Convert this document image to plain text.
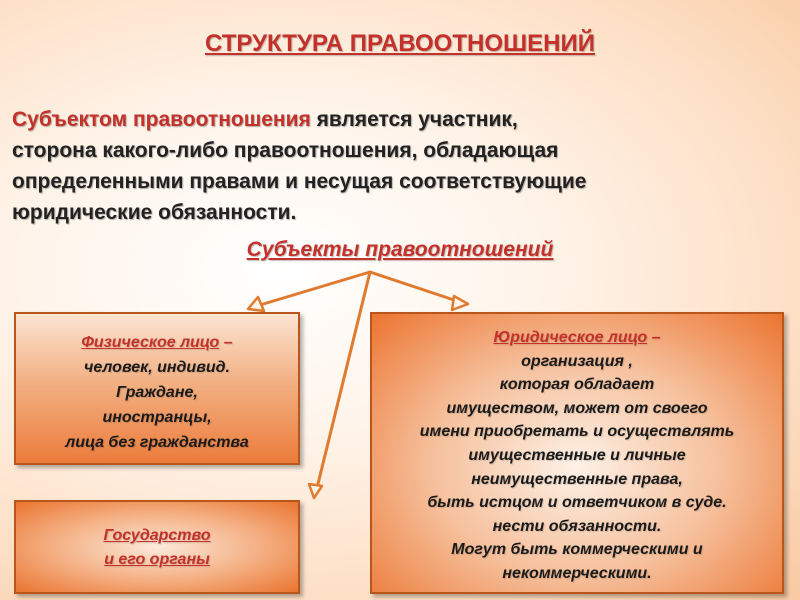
СТРУКТУРА ПРАВООТНОШЕНИЙ
Субъектом правоотношения является участник,
сторона какого-либо правоотношения, обладающая
определенными правами и несущая соответствующие
юридические обязанности.
Субъекты правоотношений
Физическое лицо –
человек, индивид.
Граждане,
иностранцы,
лица без гражданства
Юридическое лицо –
организация ,
которая обладает
имуществом, может от своего
имени приобретать и осуществлять
имущественные и личные
неимущественные права,
быть истцом и ответчиком в суде.
нести обязанности.
Могут быть коммерческими и
некоммерческими.
Государство
и его органы
